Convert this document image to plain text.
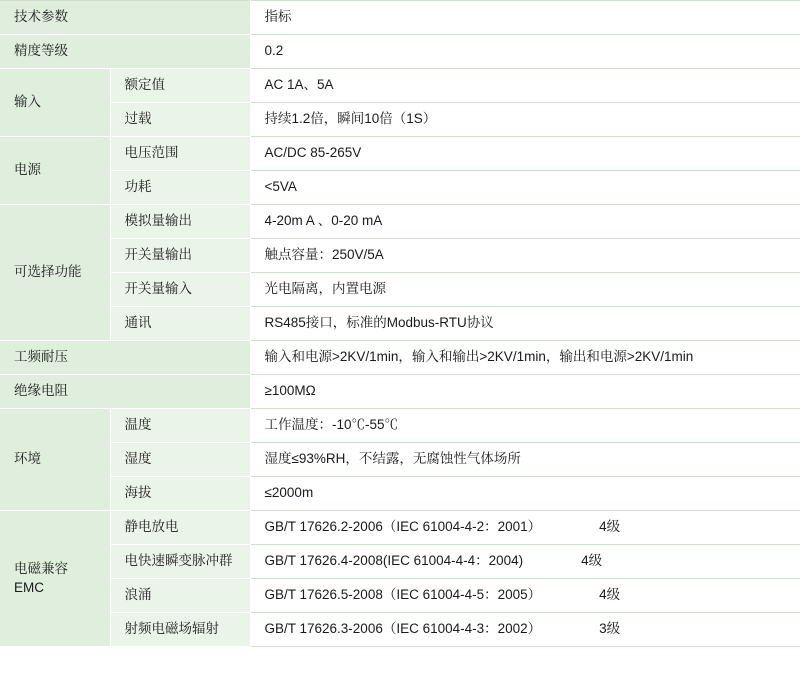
技术参数		指标
精度等级		0.2
输入	额定值	AC 1A、5A
	过载	持续1.2倍，瞬间10倍（1S）
电源	电压范围	AC/DC 85-265V
	功耗	<5VA
可选择功能	模拟量输出	4-20m A 、0-20 mA
	开关量输出	触点容量：250V/5A
	开关量输入	光电隔离，内置电源
	通讯	RS485接口，标准的Modbus-RTU协议
工频耐压		输入和电源>2KV/1min，输入和输出>2KV/1min，输出和电源>2KV/1min
绝缘电阻		≥100MΩ
环境	温度	工作温度：-10℃-55℃
	湿度	湿度≤93%RH，不结露，无腐蚀性气体场所
	海拔	≤2000m
电磁兼容EMC	静电放电	GB/T 17626.2-2006（IEC 61004-4-2：2001） 4级
	电快速瞬变脉冲群	GB/T 17626.4-2008(IEC 61004-4-4：2004) 4级
	浪涌	GB/T 17626.5-2008（IEC 61004-4-5：2005） 4级
	射频电磁场辐射	GB/T 17626.3-2006（IEC 61004-4-3：2002） 3级
